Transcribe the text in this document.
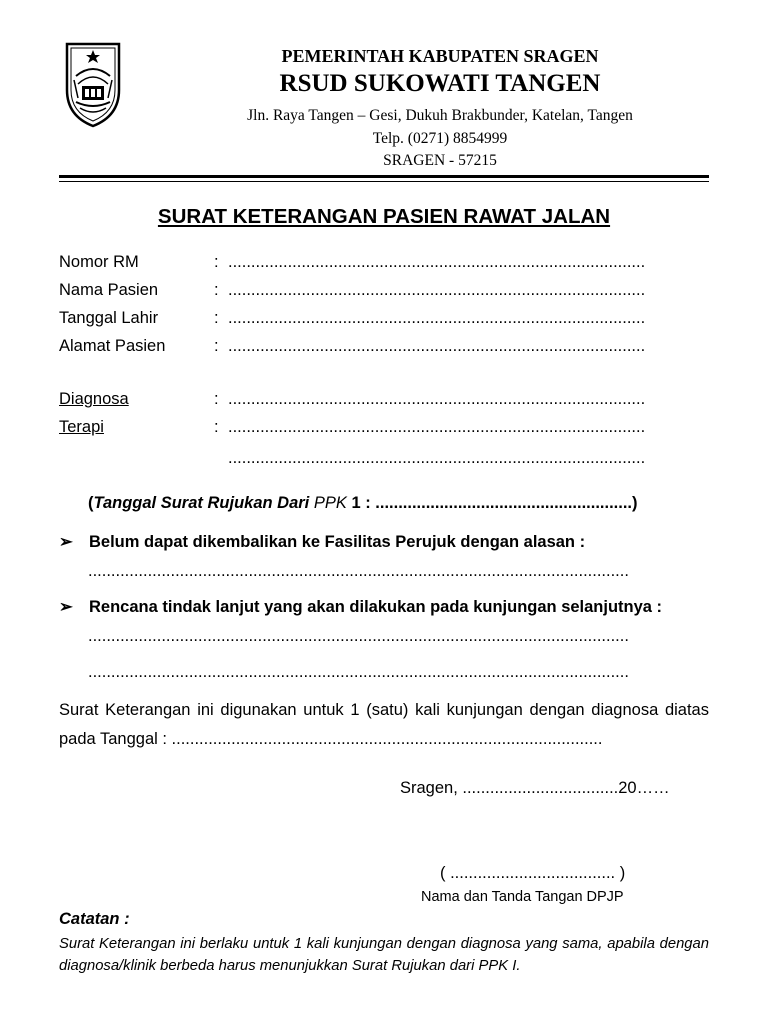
PEMERINTAH KABUPATEN SRAGEN
RSUD SUKOWATI TANGEN
Jln. Raya Tangen – Gesi, Dukuh Brakbunder, Katelan, Tangen
Telp. (0271) 8854999
SRAGEN - 57215
SURAT KETERANGAN PASIEN RAWAT JALAN
Nomor RM	: ...........................................................................................
Nama Pasien	: ...........................................................................................
Tanggal Lahir	: ...........................................................................................
Alamat Pasien	: ...........................................................................................
Diagnosa	: ...........................................................................................
Terapi	: ...........................................................................................
...........................................................................................
(Tanggal Surat Rujukan Dari PPK 1 : ........................................................)
➢ Belum dapat dikembalikan ke Fasilitas Perujuk dengan alasan :
......................................................................................................................
➢ Rencana tindak lanjut yang akan dilakukan pada kunjungan selanjutnya :
......................................................................................................................
......................................................................................................................
Surat Keterangan ini digunakan untuk 1 (satu) kali kunjungan dengan diagnosa diatas pada Tanggal : ..............................................................................................
Sragen, ..................................20……
( .................................... )
Nama dan Tanda Tangan DPJP
Catatan :
Surat Keterangan ini berlaku untuk 1 kali kunjungan dengan diagnosa yang sama, apabila dengan diagnosa/klinik berbeda harus menunjukkan Surat Rujukan dari PPK I.
